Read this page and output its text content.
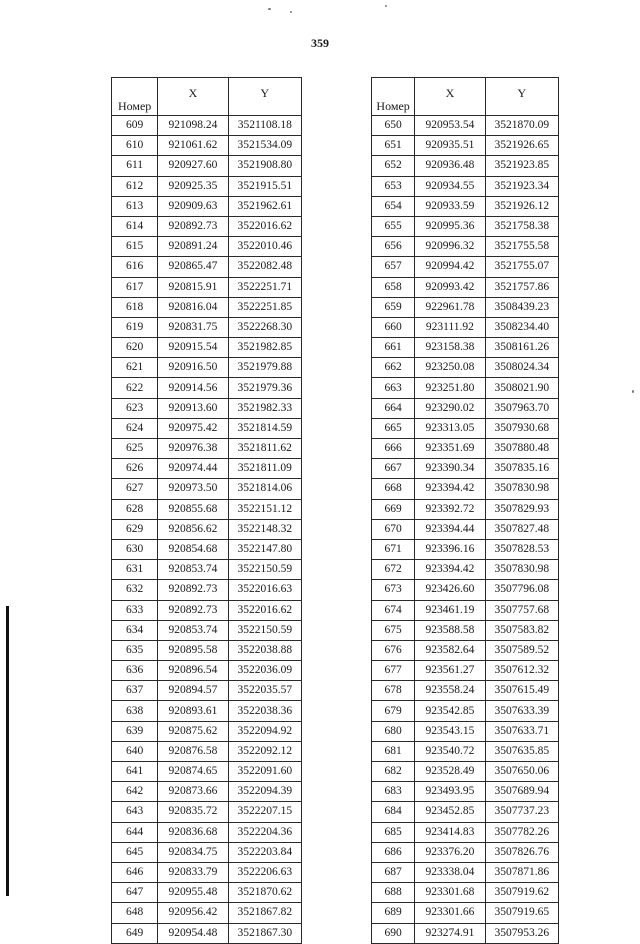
359
Номер	X	Y
609	921098.24	3521108.18
610	921061.62	3521534.09
611	920927.60	3521908.80
612	920925.35	3521915.51
613	920909.63	3521962.61
614	920892.73	3522016.62
615	920891.24	3522010.46
616	920865.47	3522082.48
617	920815.91	3522251.71
618	920816.04	3522251.85
619	920831.75	3522268.30
620	920915.54	3521982.85
621	920916.50	3521979.88
622	920914.56	3521979.36
623	920913.60	3521982.33
624	920975.42	3521814.59
625	920976.38	3521811.62
626	920974.44	3521811.09
627	920973.50	3521814.06
628	920855.68	3522151.12
629	920856.62	3522148.32
630	920854.68	3522147.80
631	920853.74	3522150.59
632	920892.73	3522016.63
633	920892.73	3522016.62
634	920853.74	3522150.59
635	920895.58	3522038.88
636	920896.54	3522036.09
637	920894.57	3522035.57
638	920893.61	3522038.36
639	920875.62	3522094.92
640	920876.58	3522092.12
641	920874.65	3522091.60
642	920873.66	3522094.39
643	920835.72	3522207.15
644	920836.68	3522204.36
645	920834.75	3522203.84
646	920833.79	3522206.63
647	920955.48	3521870.62
648	920956.42	3521867.82
649	920954.48	3521867.30
Номер	X	Y
650	920953.54	3521870.09
651	920935.51	3521926.65
652	920936.48	3521923.85
653	920934.55	3521923.34
654	920933.59	3521926.12
655	920995.36	3521758.38
656	920996.32	3521755.58
657	920994.42	3521755.07
658	920993.42	3521757.86
659	922961.78	3508439.23
660	923111.92	3508234.40
661	923158.38	3508161.26
662	923250.08	3508024.34
663	923251.80	3508021.90
664	923290.02	3507963.70
665	923313.05	3507930.68
666	923351.69	3507880.48
667	923390.34	3507835.16
668	923394.42	3507830.98
669	923392.72	3507829.93
670	923394.44	3507827.48
671	923396.16	3507828.53
672	923394.42	3507830.98
673	923426.60	3507796.08
674	923461.19	3507757.68
675	923588.58	3507583.82
676	923582.64	3507589.52
677	923561.27	3507612.32
678	923558.24	3507615.49
679	923542.85	3507633.39
680	923543.15	3507633.71
681	923540.72	3507635.85
682	923528.49	3507650.06
683	923493.95	3507689.94
684	923452.85	3507737.23
685	923414.83	3507782.26
686	923376.20	3507826.76
687	923338.04	3507871.86
688	923301.68	3507919.62
689	923301.66	3507919.65
690	923274.91	3507953.26
